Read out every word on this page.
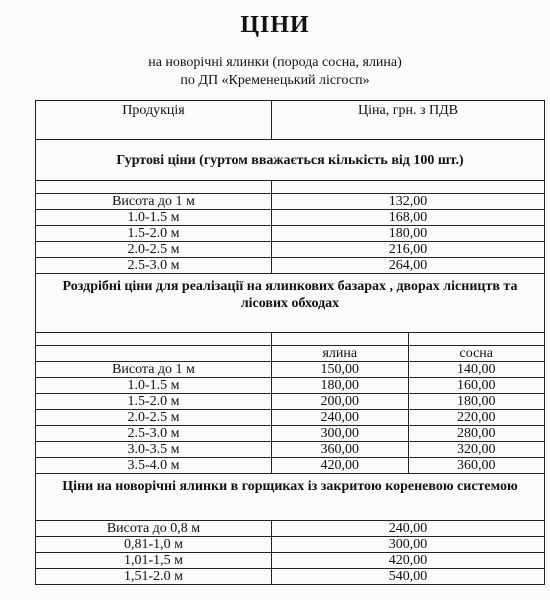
ЦІНИ
на новорічні ялинки (порода сосна, ялина)
по ДП «Кременецький лісгосп»
Продукція	Ціна, грн. з ПДВ	
Гуртові ціни (гуртом вважається кількість від 100 шт.)		

Висота до 1 м	132,00	
1.0-1.5 м	168,00	
1.5-2.0 м	180,00	
2.0-2.5 м	216,00	
2.5-3.0 м	264,00	
Роздрібні ціни для реалізації на ялинкових базарах , дворах лісництв та лісових обходах		

	ялина	сосна
Висота до 1 м	150,00	140,00
1.0-1.5 м	180,00	160,00
1.5-2.0 м	200,00	180,00
2.0-2.5 м	240,00	220,00
2.5-3.0 м	300,00	280,00
3.0-3.5 м	360,00	320,00
3.5-4.0 м	420,00	360,00
Ціни на новорічні ялинки в горщиках із закритою кореневою системою		
Висота до 0,8 м	240,00	
0,81-1,0 м	300,00	
1,01-1,5 м	420,00	
1,51-2.0 м	540,00	
